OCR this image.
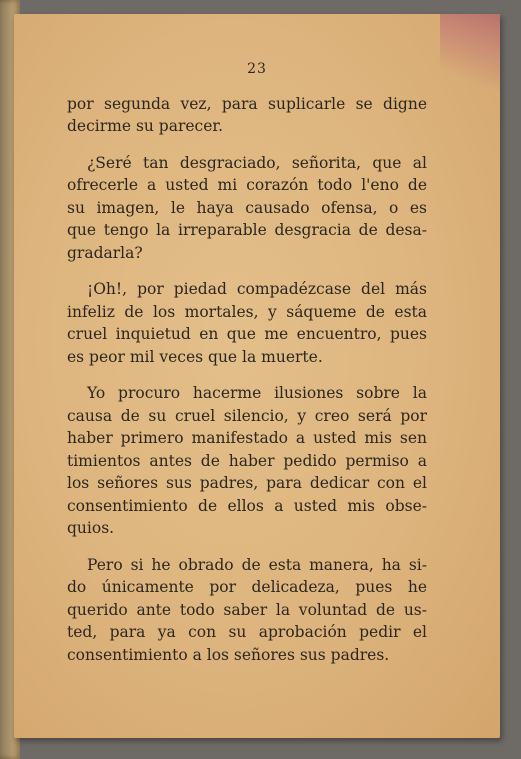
23

por segunda vez, para suplicarle se digne
decirme su parecer.

¿Seré tan desgraciado, señorita, que al
ofrecerle a usted mi corazón todo l'eno de
su imagen, le haya causado ofensa, o es
que tengo la irreparable desgracia de desa-
gradarla?

¡Oh!, por piedad compadézcase del más
infeliz de los mortales, y sáqueme de esta
cruel inquietud en que me encuentro, pues
es peor mil veces que la muerte.

Yo procuro hacerme ilusiones sobre la
causa de su cruel silencio, y creo será por
haber primero manifestado a usted mis sen
timientos antes de haber pedido permiso a
los señores sus padres, para dedicar con el
consentimiento de ellos a usted mis obse-
quios.

Pero si he obrado de esta manera, ha si-
do únicamente por delicadeza, pues he
querido ante todo saber la voluntad de us-
ted, para ya con su aprobación pedir el
consentimiento a los señores sus padres.
